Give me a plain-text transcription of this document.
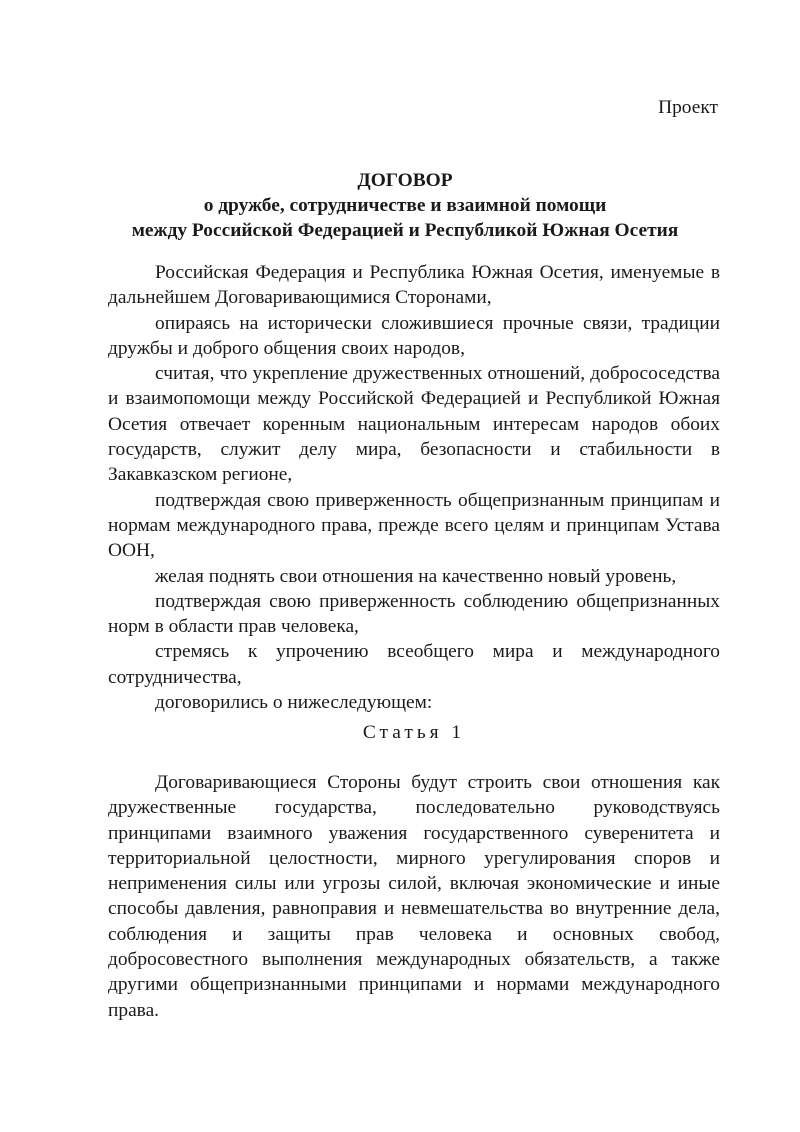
Проект

ДОГОВОР

о дружбе, сотрудничестве и взаимной помощи

между Российской Федерацией и Республикой Южная Осетия

Российская Федерация и Республика Южная Осетия, именуемые в дальнейшем Договаривающимися Сторонами,

опираясь на исторически сложившиеся прочные связи, традиции дружбы и доброго общения своих народов,

считая, что укрепление дружественных отношений, добрососедства и взаимопомощи между Российской Федерацией и Республикой Южная Осетия отвечает коренным национальным интересам народов обоих государств, служит делу мира, безопасности и стабильности в Закавказском регионе,

подтверждая свою приверженность общепризнанным принципам и нормам международного права, прежде всего целям и принципам Устава ООН,

желая поднять свои отношения на качественно новый уровень,

подтверждая свою приверженность соблюдению общепризнанных норм в области прав человека,

стремясь к упрочению всеобщего мира и международного сотрудничества,

договорились о нижеследующем:

Статья 1

Договаривающиеся Стороны будут строить свои отношения как дружественные государства, последовательно руководствуясь принципами взаимного уважения государственного суверенитета и территориальной целостности, мирного урегулирования споров и неприменения силы или угрозы силой, включая экономические и иные способы давления, равноправия и невмешательства во внутренние дела, соблюдения и защиты прав человека и основных свобод, добросовестного выполнения международных обязательств, а также другими общепризнанными принципами и нормами международного права.
